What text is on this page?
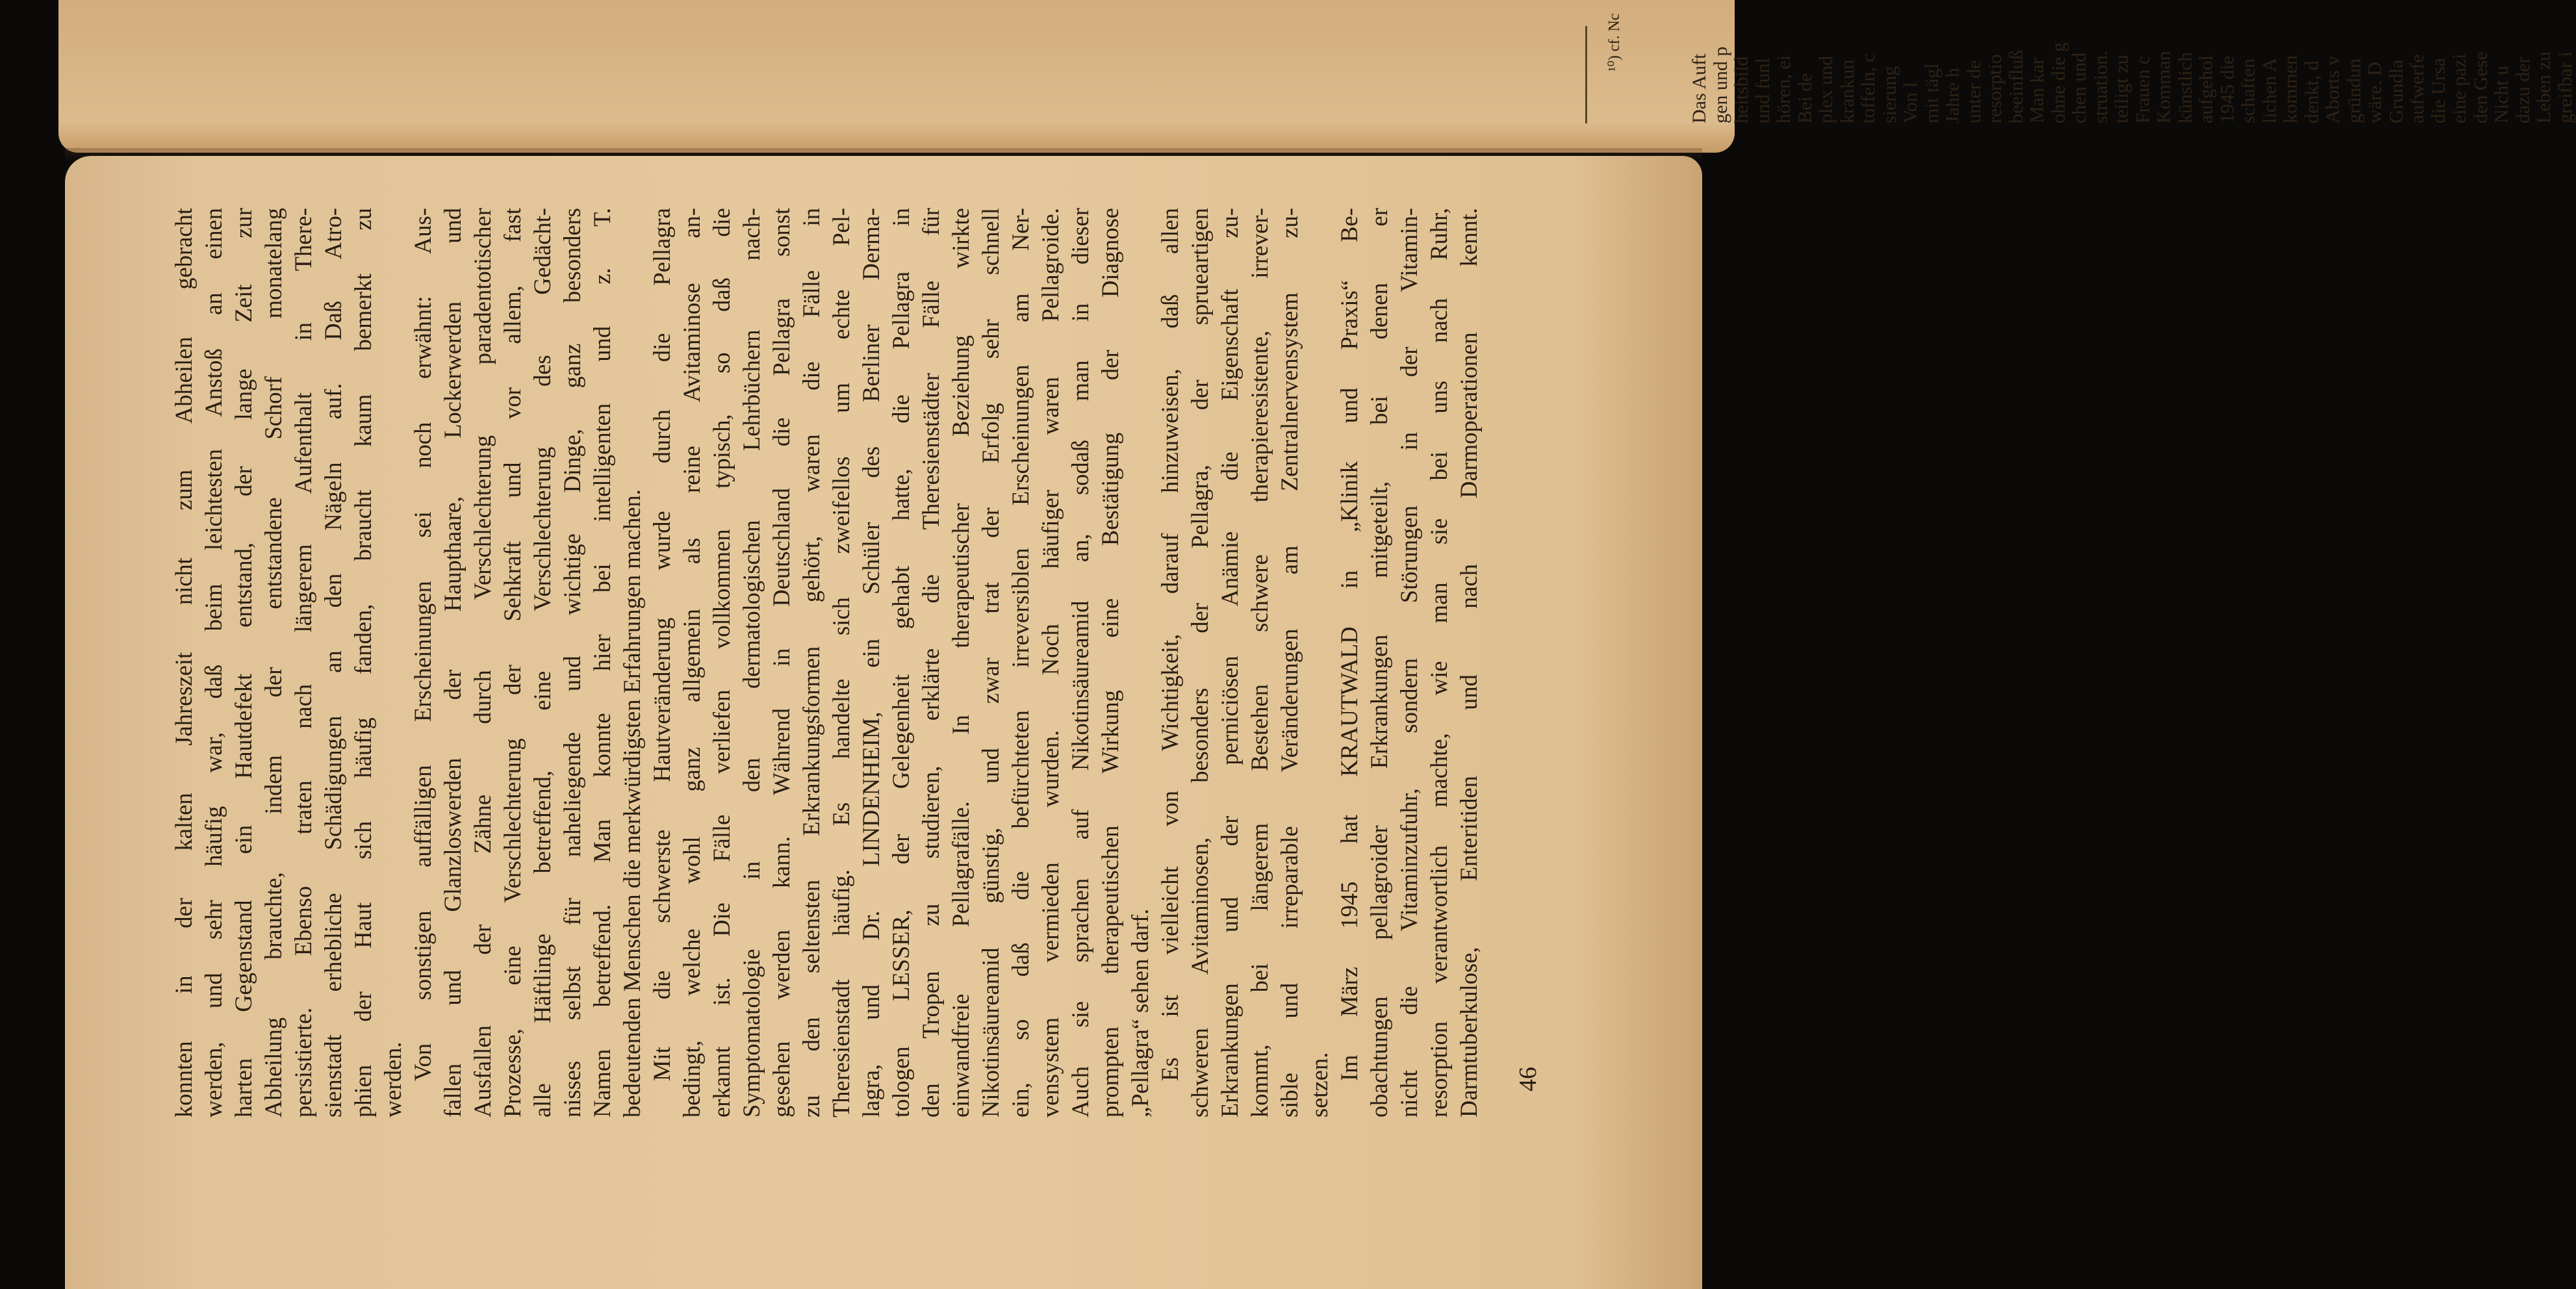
konnten in der kalten Jahreszeit nicht zum Abheilen gebracht werden, und sehr häufig war, daß beim leichtesten Anstoß an einen harten Gegenstand ein Hautdefekt entstand, der lange Zeit zur Abheilung brauchte, indem der entstandene Schorf monatelang persistierte. Ebenso traten nach längerem Aufenthalt in There- sienstadt erhebliche Schädigungen an den Nägeln auf. Daß Atro- phien der Haut sich häufig fanden, braucht kaum bemerkt zu werden. Von sonstigen auffälligen Erscheinungen sei noch erwähnt: Aus- fallen und Glanzloswerden der Haupthaare, Lockerwerden und Ausfallen der Zähne durch Verschlechterung paradentotischer Prozesse, eine Verschlechterung der Sehkraft und vor allem, fast alle Häftlinge betreffend, eine Verschlechterung des Gedächt- nisses selbst für naheliegende und wichtige Dinge, ganz besonders Namen betreffend. Man konnte hier bei intelligenten und z. T. bedeutenden Menschen die merkwürdigsten Erfahrungen machen. Mit die schwerste Hautveränderung wurde durch die Pellagra bedingt, welche wohl ganz allgemein als reine Avitaminose an- erkannt ist. Die Fälle verliefen vollkommen typisch, so daß die Symptomatologie in den dermatologischen Lehrbüchern nach- gesehen werden kann. Während in Deutschland die Pellagra sonst zu den seltensten Erkrankungsformen gehört, waren die Fälle in Theresienstadt häufig. Es handelte sich zweifellos um echte Pel- lagra, und Dr. LINDENHEIM, ein Schüler des Berliner Derma- tologen LESSER, der Gelegenheit gehabt hatte, die Pellagra in den Tropen zu studieren, erklärte die Theresienstädter Fälle für einwandfreie Pellagrafälle. In therapeutischer Beziehung wirkte Nikotinsäureamid günstig, und zwar trat der Erfolg sehr schnell ein, so daß die befürchteten irreversiblen Erscheinungen am Ner- vensystem vermieden wurden. Noch häufiger waren Pellagroide. Auch sie sprachen auf Nikotinsäureamid an, sodaß man in dieser prompten therapeutischen Wirkung eine Bestätigung der Diagnose „Pellagra“ sehen darf. Es ist vielleicht von Wichtigkeit, darauf hinzuweisen, daß allen schweren Avitaminosen, besonders der Pellagra, der sprueartigen Erkrankungen und der perniciösen Anämie die Eigenschaft zu- kommt, bei längerem Bestehen schwere therapieresistente, irrever- sible und irreparable Veränderungen am Zentralnervensystem zu- setzen.
Im März 1945 hat KRAUTWALD in „Klinik und Praxis“ Be- obachtungen pellagroider Erkrankungen mitgeteilt, bei denen er nicht die Vitaminzufuhr, sondern Störungen in der Vitamin- resorption verantwortlich machte, wie man sie bei uns nach Ruhr, Darmtuberkulose, Enteritiden und nach Darmoperationen kennt. 46
Das Auft gen und p heitsbild und funl hören, ei Bei de plex und krankun toffeln, c sierung Von l mit tägl Jahre h unter de resorptio beeinfluß Man kar ohne die g chen und struation. teiligt zu Frauen c Komman künstlich aufgehol 1945 die schaften lichen A kommen denkt, d Aborts v gründun wäre. D Grundla aufwerfe die Ursa eine pazi den Gese Nicht u dazu der Leben zu greifbar i
¹⁰) cf. Nc
